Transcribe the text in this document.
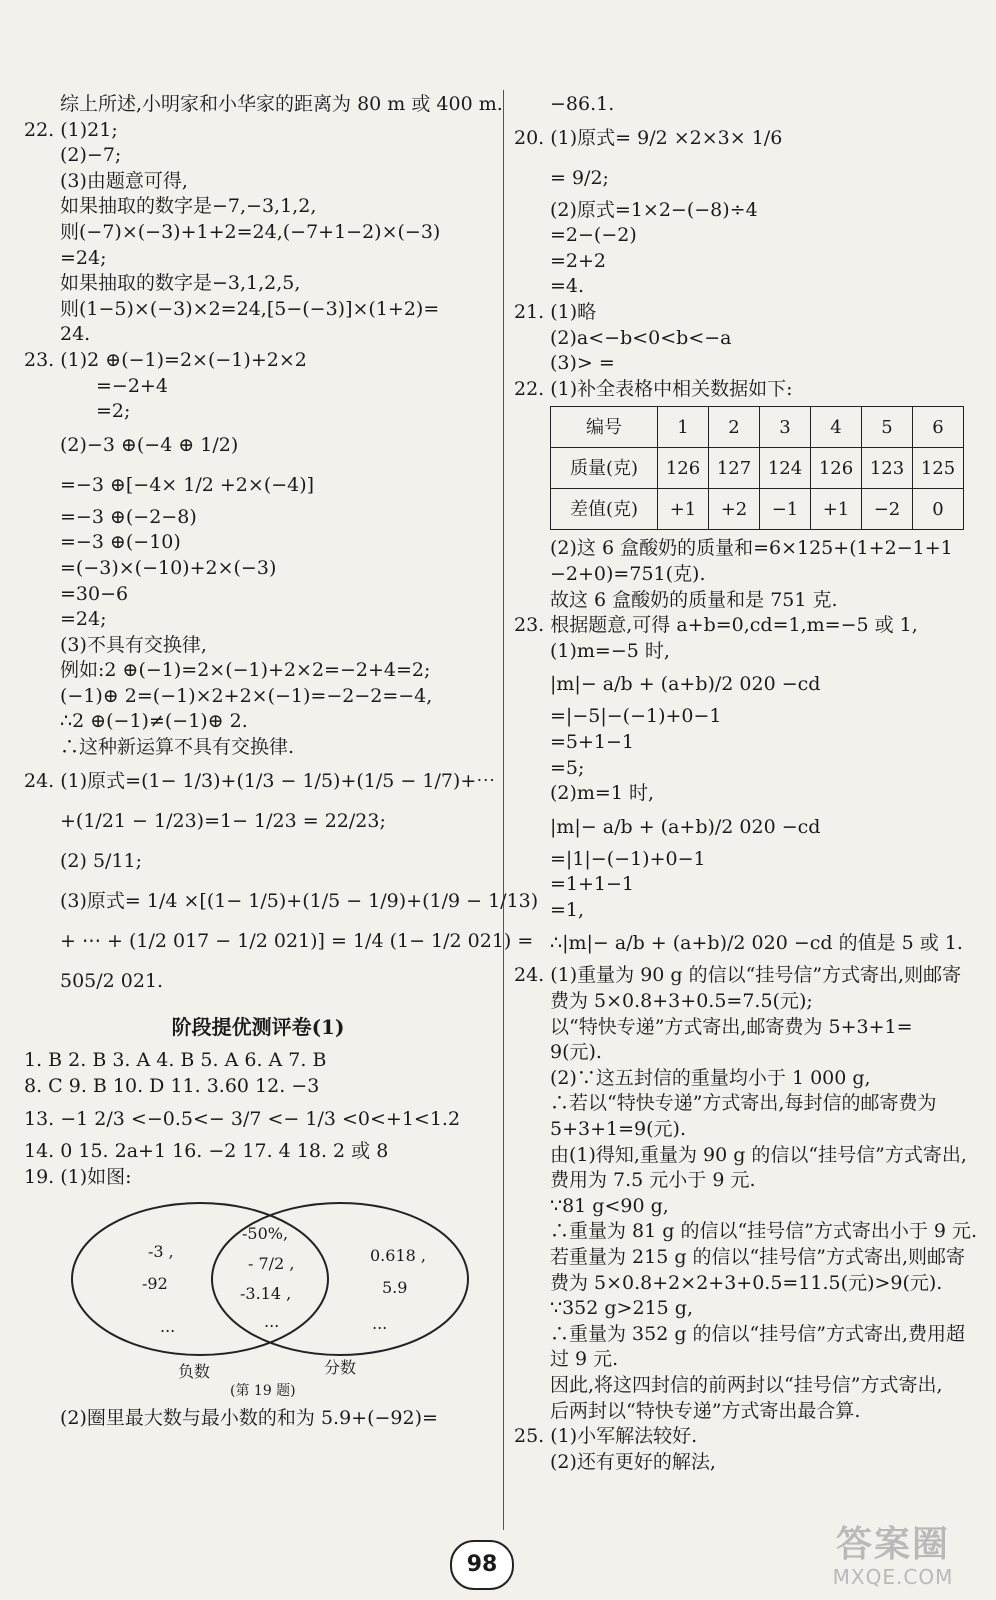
综上所述,小明家和小华家的距离为 80 m 或 400 m.
22. (1)21;
(2)−7;
(3)由题意可得,
如果抽取的数字是−7,−3,1,2,
则(−7)×(−3)+1+2=24,(−7+1−2)×(−3)
=24;
如果抽取的数字是−3,1,2,5,
则(1−5)×(−3)×2=24,[5−(−3)]×(1+2)=
24.
23. (1)2 ⊕(−1)=2×(−1)+2×2
=−2+4
=2;
(2)−3 ⊕(−4 ⊕ 1/2)
=−3 ⊕[−4× 1/2 +2×(−4)]
=−3 ⊕(−2−8)
=−3 ⊕(−10)
=(−3)×(−10)+2×(−3)
=30−6
=24;
(3)不具有交换律,
例如:2 ⊕(−1)=2×(−1)+2×2=−2+4=2;
(−1)⊕ 2=(−1)×2+2×(−1)=−2−2=−4,
∴2 ⊕(−1)≠(−1)⊕ 2.
∴这种新运算不具有交换律.
24. (1)原式=(1− 1/3)+(1/3 − 1/5)+(1/5 − 1/7)+⋯
+(1/21 − 1/23)=1− 1/23 = 22/23;
(2) 5/11;
(3)原式= 1/4 ×[(1− 1/5)+(1/5 − 1/9)+(1/9 − 1/13)
+ ⋯ + (1/2 017 − 1/2 021)] = 1/4 (1− 1/2 021) =
505/2 021.
阶段提优测评卷(1)
1. B 2. B 3. A 4. B 5. A 6. A 7. B
8. C 9. B 10. D 11. 3.60 12. −3
13. −1 2/3 <−0.5<− 3/7 <− 1/3 <0<+1<1.2
14. 0 15. 2a+1 16. −2 17. 4 18. 2 或 8
19. (1)如图:
-3 ,
-92
...
-50%,
- 7/2 ,
-3.14 ,
...
0.618 ,
5.9
...
负数	分数
(第 19 题)
(2)圈里最大数与最小数的和为 5.9+(−92)=
−86.1.
20. (1)原式= 9/2 ×2×3× 1/6
= 9/2;
(2)原式=1×2−(−8)÷4
=2−(−2)
=2+2
=4.
21. (1)略
(2)a<−b<0<b<−a
(3)> =
22. (1)补全表格中相关数据如下:
编号	1	2	3	4	5	6
质量(克)	126	127	124	126	123	125
差值(克)	+1	+2	−1	+1	−2	0
(2)这 6 盒酸奶的质量和=6×125+(1+2−1+1
−2+0)=751(克).
故这 6 盒酸奶的质量和是 751 克.
23. 根据题意,可得 a+b=0,cd=1,m=−5 或 1,
(1)m=−5 时,
|m|− a/b + (a+b)/2 020 −cd
=|−5|−(−1)+0−1
=5+1−1
=5;
(2)m=1 时,
|m|− a/b + (a+b)/2 020 −cd
=|1|−(−1)+0−1
=1+1−1
=1,
∴|m|− a/b + (a+b)/2 020 −cd 的值是 5 或 1.
24. (1)重量为 90 g 的信以“挂号信”方式寄出,则邮寄
费为 5×0.8+3+0.5=7.5(元);
以“特快专递”方式寄出,邮寄费为 5+3+1=
9(元).
(2)∵这五封信的重量均小于 1 000 g,
∴若以“特快专递”方式寄出,每封信的邮寄费为
5+3+1=9(元).
由(1)得知,重量为 90 g 的信以“挂号信”方式寄出,
费用为 7.5 元小于 9 元.
∵81 g<90 g,
∴重量为 81 g 的信以“挂号信”方式寄出小于 9 元.
若重量为 215 g 的信以“挂号信”方式寄出,则邮寄
费为 5×0.8+2×2+3+0.5=11.5(元)>9(元).
∵352 g>215 g,
∴重量为 352 g 的信以“挂号信”方式寄出,费用超
过 9 元.
因此,将这四封信的前两封以“挂号信”方式寄出,
后两封以“特快专递”方式寄出最合算.
25. (1)小军解法较好.
(2)还有更好的解法,
98	答案圈
MXQE.COM
